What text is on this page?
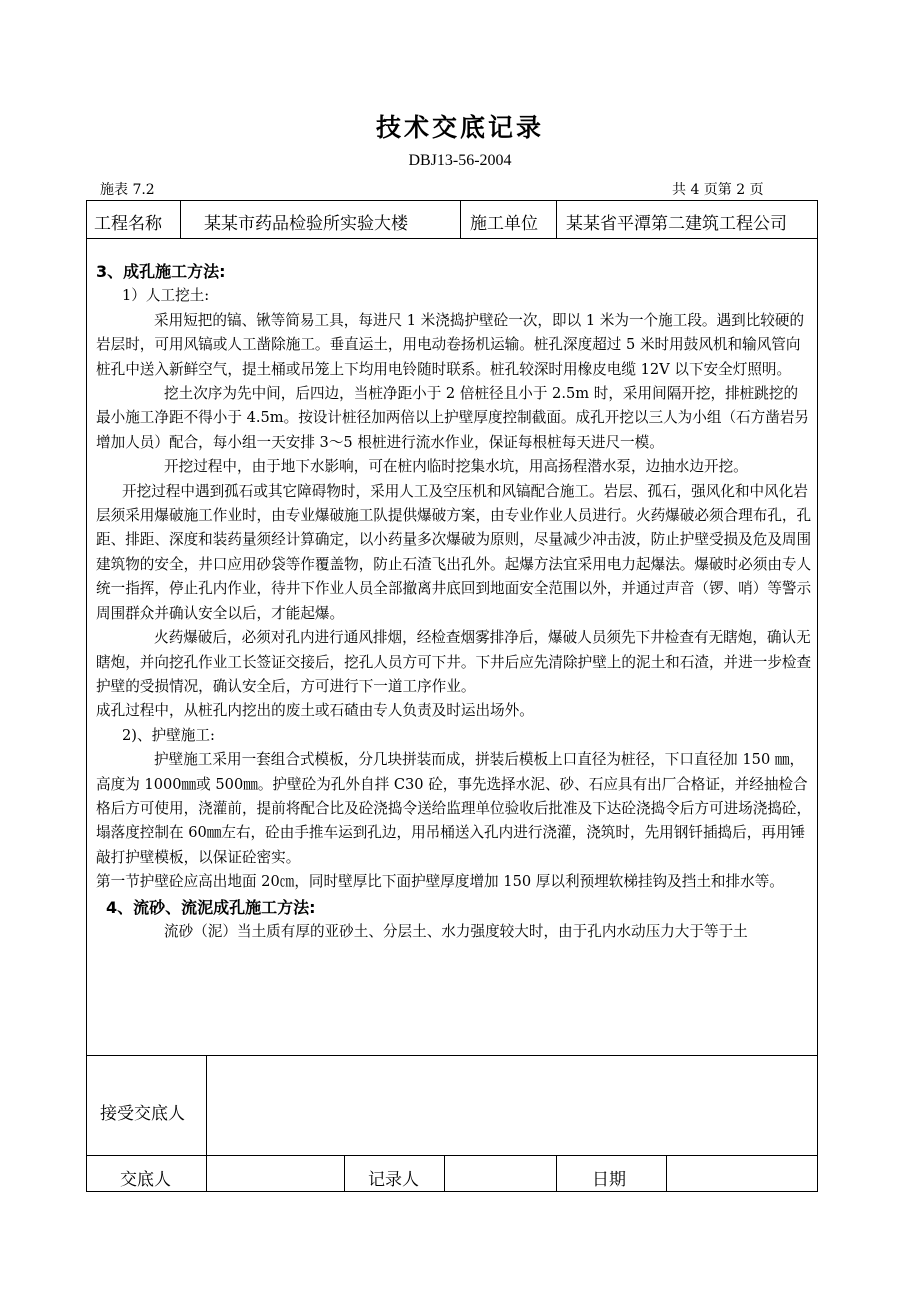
技术交底记录
DBJ13-56-2004
施表 7.2	共 4 页第 2 页
工程名称 某某市药品检验所实验大楼	施工单位 某某省平潭第二建筑工程公司

3、成孔施工方法:

1）人工挖土:

采用短把的镐、锹等简易工具，每进尺 1 米浇捣护壁砼一次，即以 1 米为一个施工段。遇到比较硬的岩层时，可用风镐或人工凿除施工。垂直运土，用电动卷扬机运输。桩孔深度超过 5 米时用鼓风机和输风管向桩孔中送入新鲜空气，提土桶或吊笼上下均用电铃随时联系。桩孔较深时用橡皮电缆 12V 以下安全灯照明。

挖土次序为先中间，后四边，当桩净距小于 2 倍桩径且小于 2.5m 时，采用间隔开挖，排桩跳挖的最小施工净距不得小于 4.5m。按设计桩径加两倍以上护壁厚度控制截面。成孔开挖以三人为小组（石方凿岩另增加人员）配合，每小组一天安排 3～5 根桩进行流水作业，保证每根桩每天进尺一模。

开挖过程中，由于地下水影响，可在桩内临时挖集水坑，用高扬程潜水泵，边抽水边开挖。

开挖过程中遇到孤石或其它障碍物时，采用人工及空压机和风镐配合施工。岩层、孤石，强风化和中风化岩层须采用爆破施工作业时，由专业爆破施工队提供爆破方案，由专业作业人员进行。火药爆破必须合理布孔，孔距、排距、深度和装药量须经计算确定，以小药量多次爆破为原则，尽量减少冲击波，防止护壁受损及危及周围建筑物的安全，井口应用砂袋等作覆盖物，防止石渣飞出孔外。起爆方法宜采用电力起爆法。爆破时必须由专人统一指挥，停止孔内作业，待井下作业人员全部撤离井底回到地面安全范围以外，并通过声音（锣、哨）等警示周围群众并确认安全以后，才能起爆。

火药爆破后，必须对孔内进行通风排烟，经检查烟雾排净后，爆破人员须先下井检查有无瞎炮，确认无瞎炮，并向挖孔作业工长签证交接后，挖孔人员方可下井。下井后应先清除护壁上的泥土和石渣，并进一步检查护壁的受损情况，确认安全后，方可进行下一道工序作业。

成孔过程中，从桩孔内挖出的废土或石碴由专人负责及时运出场外。

2)、护壁施工:

护壁施工采用一套组合式模板，分几块拼装而成，拼装后模板上口直径为桩径，下口直径加 150 ㎜，高度为 1000㎜或 500㎜。护壁砼为孔外自拌 C30 砼，事先选择水泥、砂、石应具有出厂合格证，并经抽检合格后方可使用，浇灌前，提前将配合比及砼浇捣令送给监理单位验收后批准及下达砼浇捣令后方可进场浇捣砼， 塌落度控制在 60㎜左右，砼由手推车运到孔边，用吊桶送入孔内进行浇灌，浇筑时，先用钢钎插捣后，再用锤敲打护壁模板，以保证砼密实。

第一节护壁砼应高出地面 20㎝，同时壁厚比下面护壁厚度增加 150 厚以利预埋软梯挂钩及挡土和排水等。

4、流砂、流泥成孔施工方法:

流砂（泥）当土质有厚的亚砂土、分层土、水力强度较大时，由于孔内水动压力大于等于土

接受交底人
交底人	记录人	日期
